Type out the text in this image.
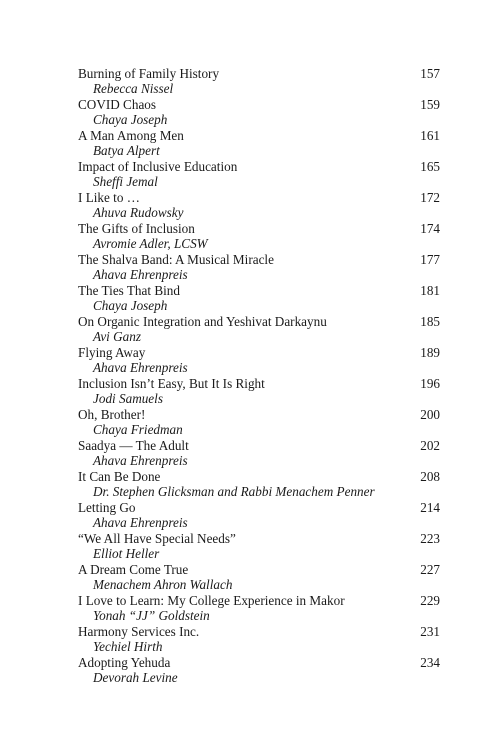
Burning of Family History	157
Rebecca Nissel
COVID Chaos	159
Chaya Joseph
A Man Among Men	161
Batya Alpert
Impact of Inclusive Education	165
Sheffi Jemal
I Like to …	172
Ahuva Rudowsky
The Gifts of Inclusion	174
Avromie Adler, LCSW
The Shalva Band: A Musical Miracle	177
Ahava Ehrenpreis
The Ties That Bind	181
Chaya Joseph
On Organic Integration and Yeshivat Darkaynu	185
Avi Ganz
Flying Away	189
Ahava Ehrenpreis
Inclusion Isn’t Easy, But It Is Right	196
Jodi Samuels
Oh, Brother!	200
Chaya Friedman
Saadya — The Adult	202
Ahava Ehrenpreis
It Can Be Done	208
Dr. Stephen Glicksman and Rabbi Menachem Penner
Letting Go	214
Ahava Ehrenpreis
“We All Have Special Needs”	223
Elliot Heller
A Dream Come True	227
Menachem Ahron Wallach
I Love to Learn: My College Experience in Makor	229
Yonah “JJ” Goldstein
Harmony Services Inc.	231
Yechiel Hirth
Adopting Yehuda	234
Devorah Levine
